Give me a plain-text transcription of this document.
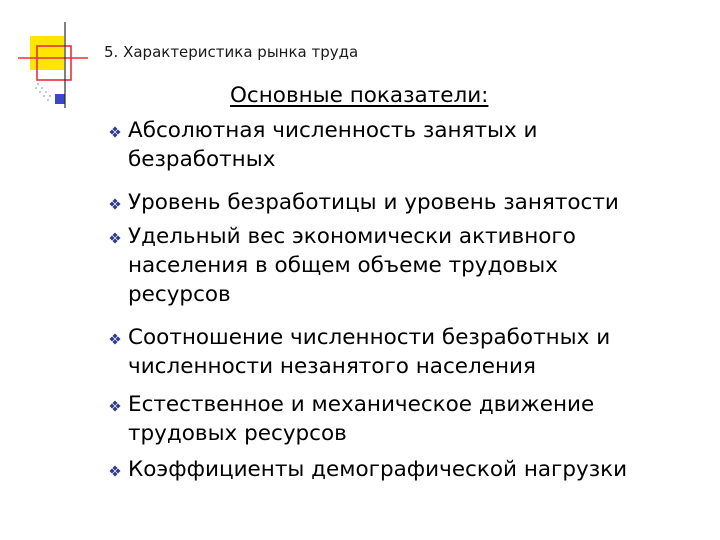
5. Характеристика рынка труда
Основные показатели:
Абсолютная численность занятых и
безработных
Уровень безработицы и уровень занятости
Удельный вес экономически активного
населения в общем объеме трудовых
ресурсов
Соотношение численности безработных и
численности незанятого населения
Естественное и механическое движение
трудовых ресурсов
Коэффициенты демографической нагрузки
